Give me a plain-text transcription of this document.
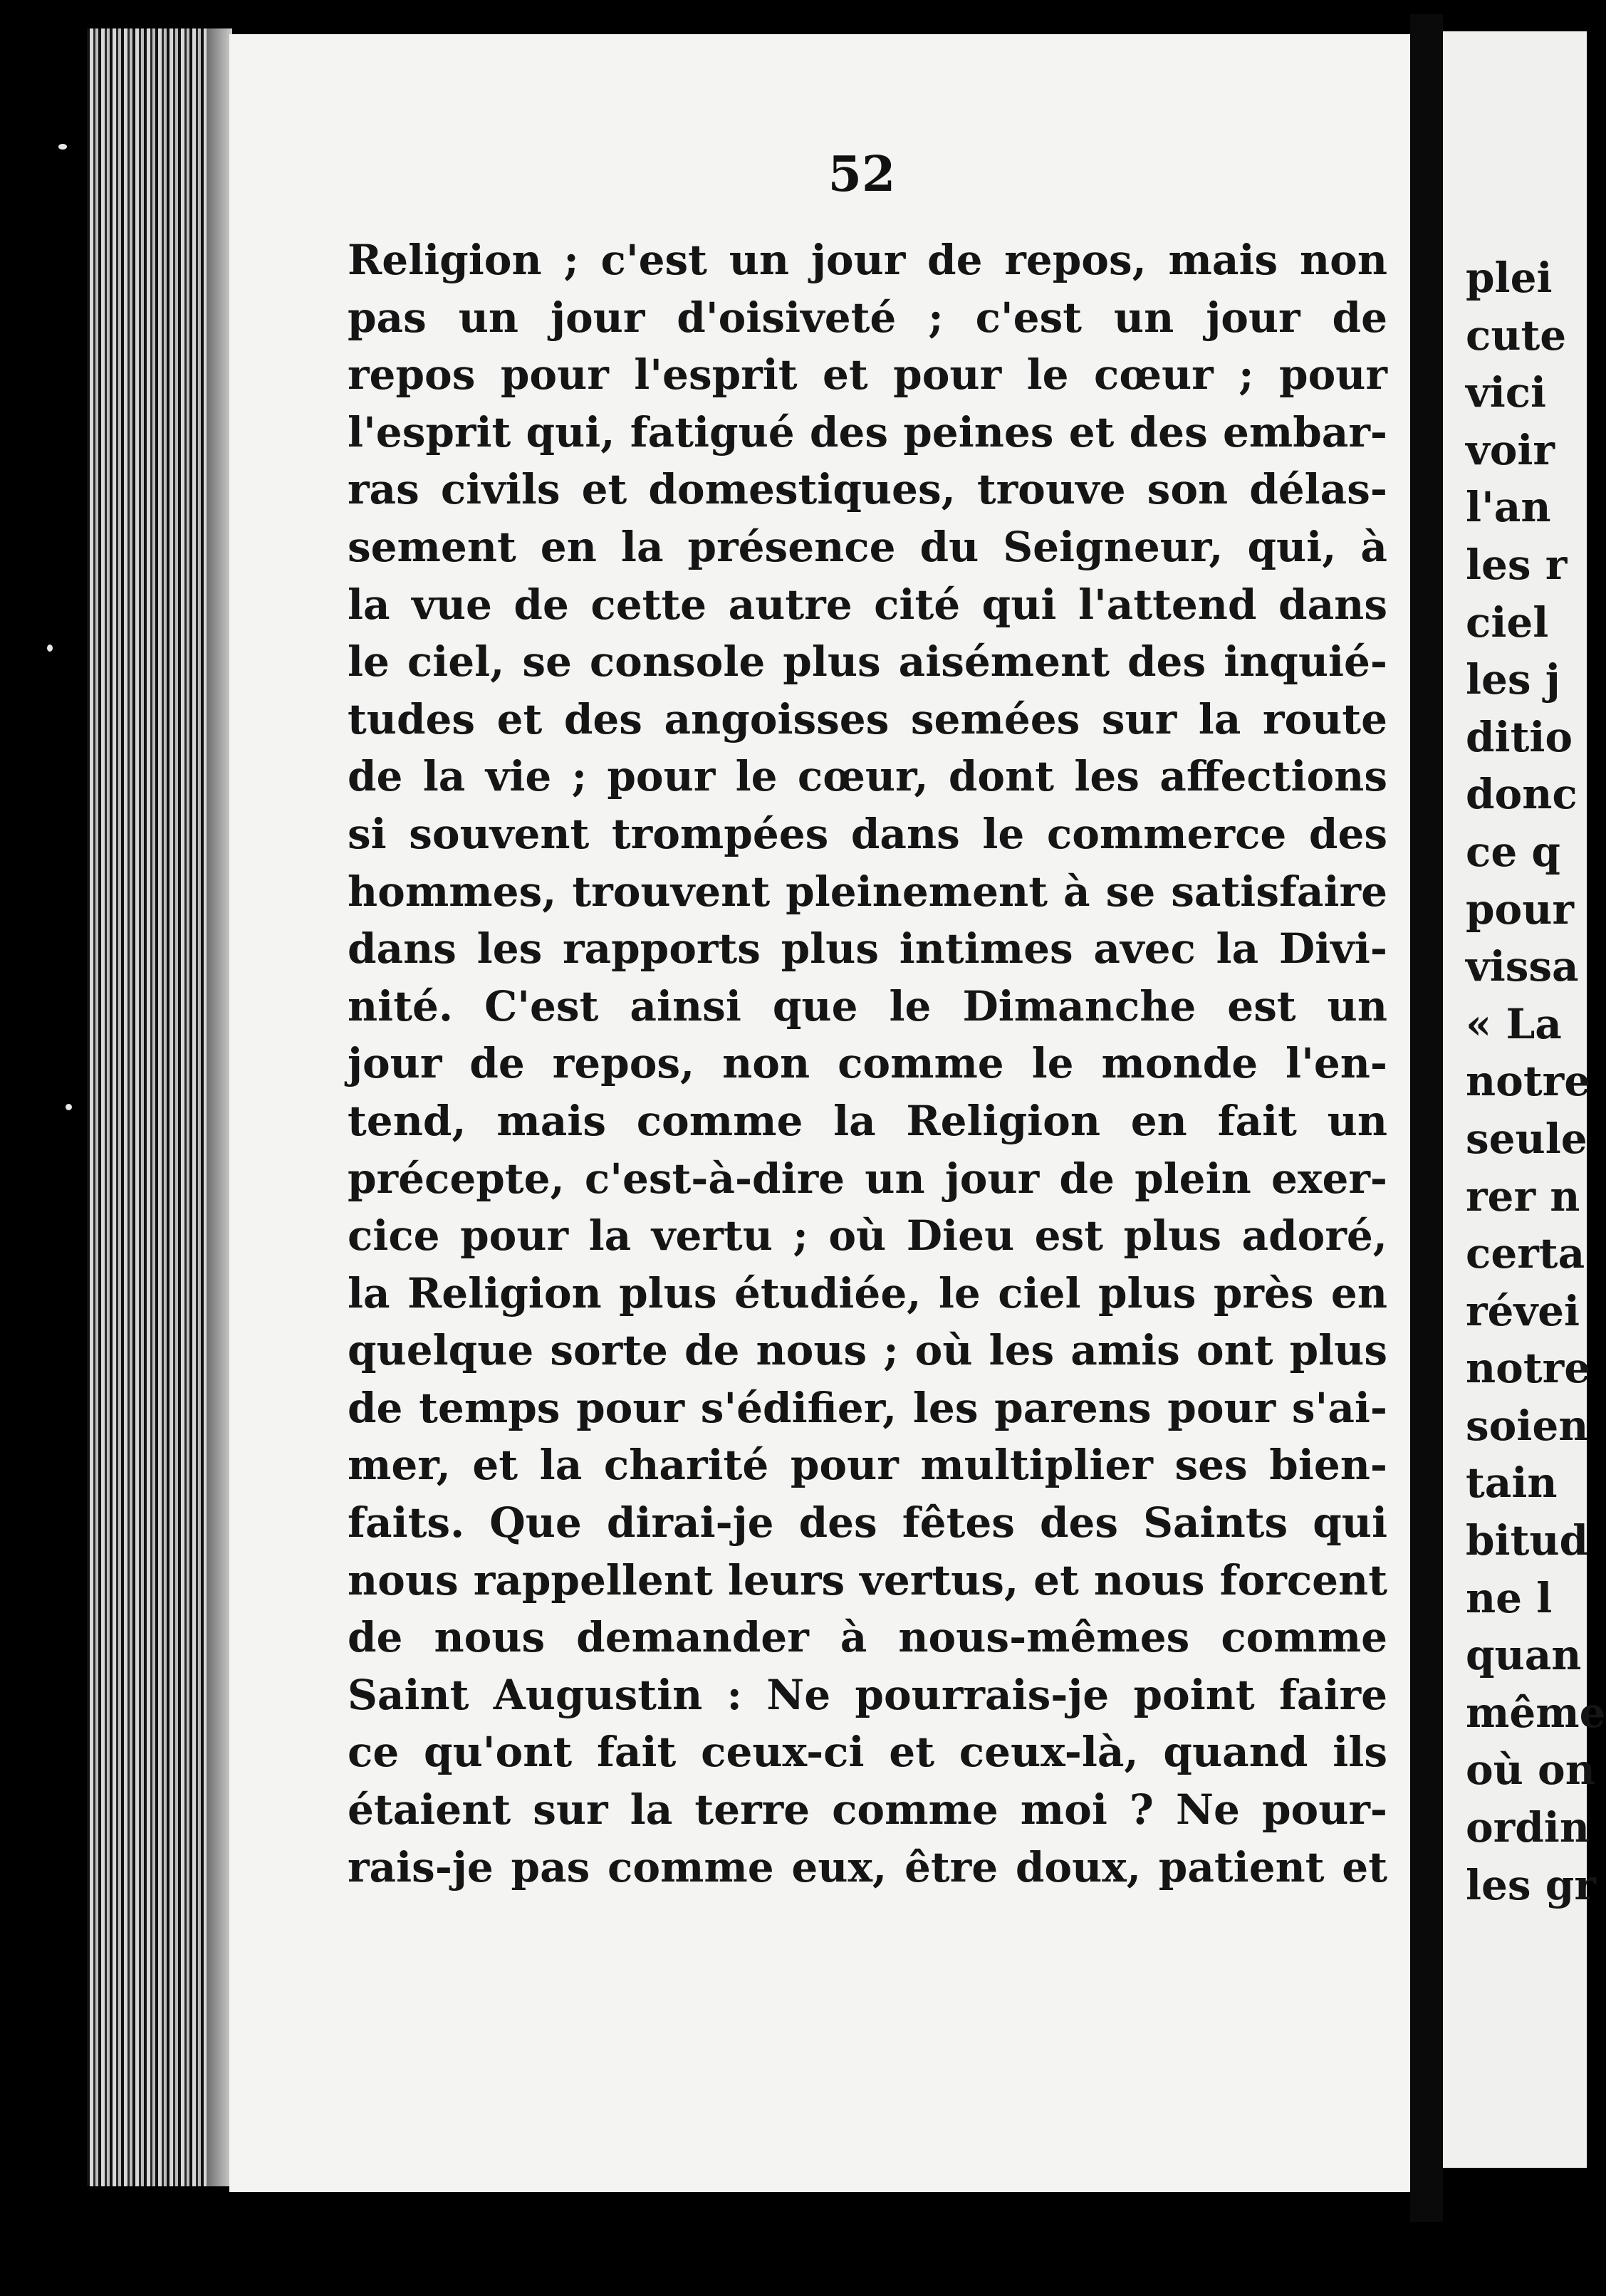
52
Religion ; c'est un jour de repos, mais non
pas un jour d'oisiveté ; c'est un jour de
repos pour l'esprit et pour le cœur ; pour
l'esprit qui, fatigué des peines et des embar-
ras civils et domestiques, trouve son délas-
sement en la présence du Seigneur, qui, à
la vue de cette autre cité qui l'attend dans
le ciel, se console plus aisément des inquié-
tudes et des angoisses semées sur la route
de la vie ; pour le cœur, dont les affections
si souvent trompées dans le commerce des
hommes, trouvent pleinement à se satisfaire
dans les rapports plus intimes avec la Divi-
nité. C'est ainsi que le Dimanche est un
jour de repos, non comme le monde l'en-
tend, mais comme la Religion en fait un
précepte, c'est-à-dire un jour de plein exer-
cice pour la vertu ; où Dieu est plus adoré,
la Religion plus étudiée, le ciel plus près en
quelque sorte de nous ; où les amis ont plus
de temps pour s'édifier, les parens pour s'ai-
mer, et la charité pour multiplier ses bien-
faits. Que dirai-je des fêtes des Saints qui
nous rappellent leurs vertus, et nous forcent
de nous demander à nous-mêmes comme
Saint Augustin : Ne pourrais-je point faire
ce qu'ont fait ceux-ci et ceux-là, quand ils
étaient sur la terre comme moi ? Ne pour-
rais-je pas comme eux, être doux, patient et
plei
cute
vici
voir
l'an
les r
ciel
les j
ditio
donc
ce q
pour
vissa
« La
notre
seule
rer n
certa
révei
notre
soien
tain
bitud
ne l
quan
même
où on
ordin
les gr
